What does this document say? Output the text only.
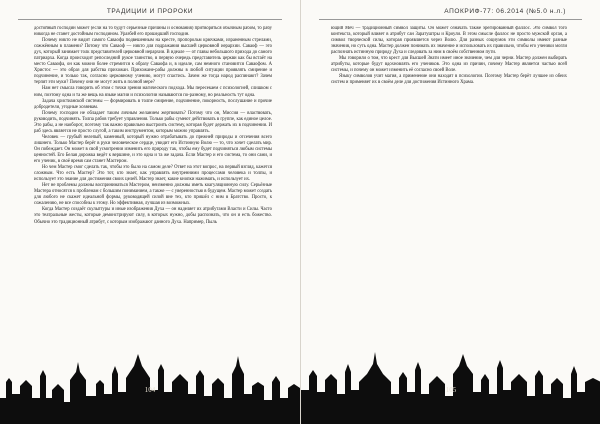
ТРАДИЦИИ И ПРОРОКИ

достойный господин может (если на то будут серьёзные причины и основания) притворяться обычным рабом, то рабу никогда не станет достойным господином. Уразбей его прошедший господин.

Почему никто не видит самого Саваофа подвешенным на кресте, пропорольм крючками, израненным стрелами, сожжённым в пламени? Потому что Саваоф — никто для подражания высшей церковной иерархии. Саваоф — это дух, который занимает толк представителей церковной иерархии. В идеале — от главы небольшого прихода до самого патриарха. Когда происходит репоследний рукое таинство, в первую очередь представитель церкви как бы встаёт на место Саваофа, он как можно более стремится к образу Саваофа и, в идеале, сам немного становится Саваофом. А Христос — это образ для рабства прихожан. Прихожане-рабы должны в любой ситуации проявлять смирение и подчинение, и только так, согласно церковному учению, могут спастись. Зачем же тогда народ распинают? Зачем терпят эти муки? Почему они не могут жить в полной мере?

Нам нет смысла говорить об этом с точки зрения магического подхода. Мы пересекаем с психологией, слишком с ним, поэтому одна и та же вещь на языке магии и психологии называются по-разному, но реальность тут одна.

Задача христианской системы — формировать в толпе смирение, подчинение, покорность, послушание и прочие добродетели, угодные хозяевам.

Почему господин не обладает таким личным желанием жертвовать? Потому что он, Миссия — властвовать, руководить, подчинять. Толпа рабов требует управления. Только рабы сумеют действовать в группе, как единое целое. Это рабы, а не наоборот, поэтому так важно правильно выстроить систему, которая будет держать их в подчинении. И раб здесь является не просто слугой, а таким инструментом, которым можно управлять.

Человек — грубый нелепый, каменный, который нужно отрабатывать до прежней природы и отсечения всего лишнего. Только Мастер берёт в руки человеческое сердце, увидит его Истинную Волю — то, что хочет сделать мир. Он побеждает. Он может в свой усмотрении изменить его природу так, чтобы ему будет подчиняться любым системы ценностей. Его Белая дорожка ведёт к вершине, и это одна и та же задача. Если Мастер и его система, то они сами, и его ученик, в своё время сам станет Мастером.

Но чем Мастер смог сделать так, чтобы это было на самом деле? Ответ на этот вопрос, на первый взгляд, кажется сложным. Что есть Мастер? Это тот, кто знает, как управлять внутренними процессами человека и толпы, и использует это знание для достижения своих целей. Мастер знает, какие кнопки нажимать, и использует их.

Нет не проблемы должны восприниматься Мастером, неизменно должны иметь коагуляционную силу. Серьёзные Мастера относятся к проблемам с большим пониманием, а также — с уверенностью в будущем. Мастер может создать для любого не скажет идеальной формы, руководящей силой вне тех, кто пришёл с ним в Братство. Просто, к сожалению, не все способны к этому. Но эффективная, лучшая из возможных.

Когда Мастер создаёт скульптуры и иные изображения Духа — он наделяет их атрибутами Власти и Силы. Часто это театральные жесты, которые демонстрируют силу, в которых нужно, добы распознать, что он и есть божество. Обычно это традиционный атрибут, с которым изображают данного Духа. Например, Пыль

104
АПОКРИФ-77: 06.2014 (№5.0 н.л.)

ющий Мёч — традиционный символ защиты. Он может означать также эрегированный фаллос. Это символ того контекста, который влияет в атрибут сан Заратуштры и Кроули. В этом смысле фаллос не просто мужской орган, а символ творческой силы, которая проявляется через Волю. Для разных социумов эти символы имеют разные значения, но суть одна. Мастер должен понимать их значение и использовать их правильно, чтобы его ученики могли распознать истинную природу Духа и следовать за ним в своём собственном пути.

Мы говорили о том, что крест для Высшей Знати имеет иное значение, чем для черни. Мастер должен выбирать атрибуты, которые будут вдохновлять его учеников. Это одна из причин, почему Мастер является частью всей системы, и почему он может изменить её согласно своей Воле.

Языку символов учит магия, а применение они находят в психологии. Поэтому Мастер берёт лучшее из обеих систем и применяет их в своём деле для достижения Истинного Храма.

105
